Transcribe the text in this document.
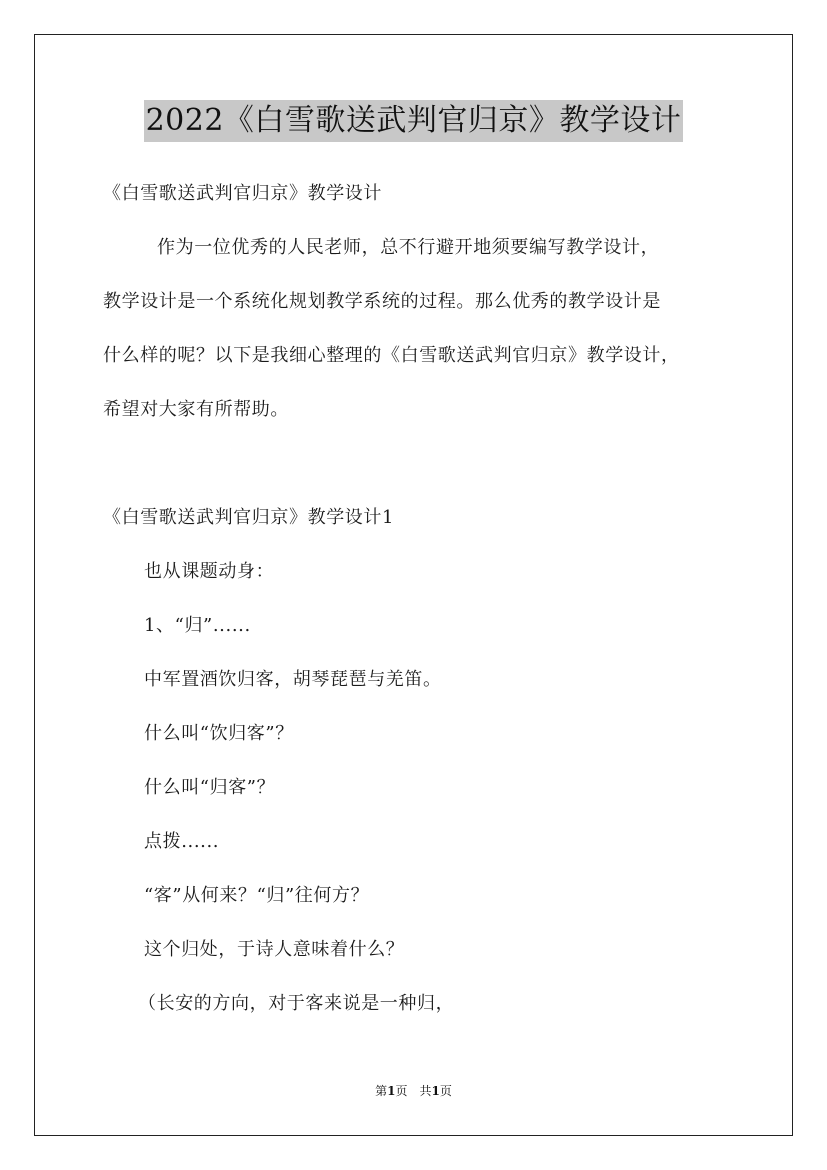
2022《白雪歌送武判官归京》教学设计
《白雪歌送武判官归京》教学设计
作为一位优秀的人民老师，总不行避开地须要编写教学设计，
教学设计是一个系统化规划教学系统的过程。那么优秀的教学设计是
什么样的呢？以下是我细心整理的《白雪歌送武判官归京》教学设计，
希望对大家有所帮助。
《白雪歌送武判官归京》教学设计1
也从课题动身：
1、“归”......
中军置酒饮归客，胡琴琵琶与羌笛。
什么叫“饮归客”？
什么叫“归客”？
点拨......
“客”从何来？“归”往何方？
这个归处，于诗人意味着什么？
（长安的方向，对于客来说是一种归，
第1页　共1页
